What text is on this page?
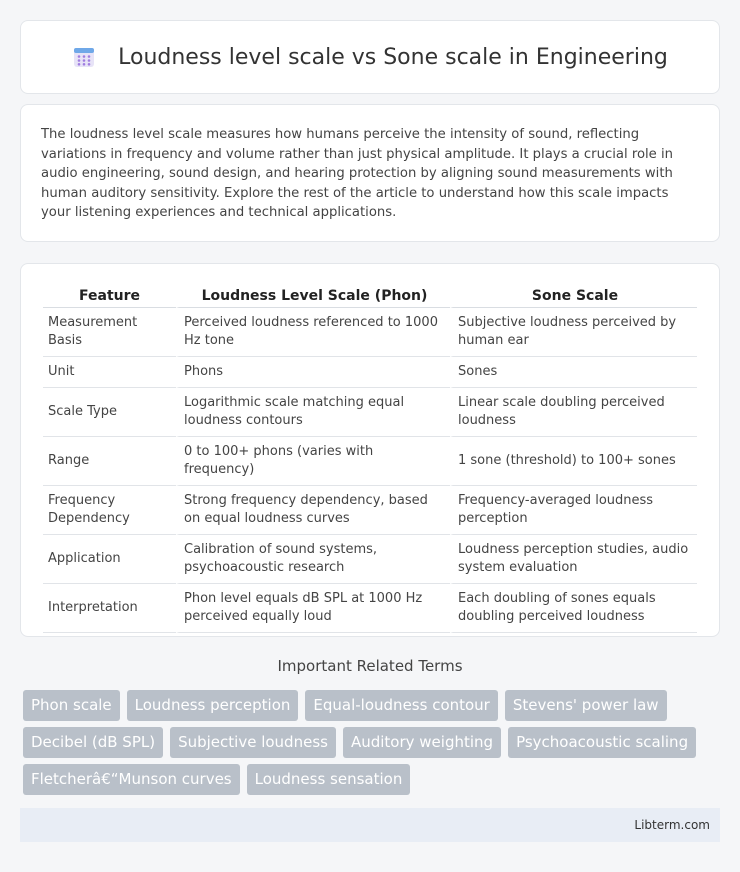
Loudness level scale vs Sone scale in Engineering

The loudness level scale measures how humans perceive the intensity of sound, reflecting variations in frequency and volume rather than just physical amplitude. It plays a crucial role in audio engineering, sound design, and hearing protection by aligning sound measurements with human auditory sensitivity. Explore the rest of the article to understand how this scale impacts your listening experiences and technical applications.

Feature	Loudness Level Scale (Phon)	Sone Scale
Measurement Basis	Perceived loudness referenced to 1000 Hz tone	Subjective loudness perceived by human ear
Unit	Phons	Sones
Scale Type	Logarithmic scale matching equal loudness contours	Linear scale doubling perceived loudness
Range	0 to 100+ phons (varies with frequency)	1 sone (threshold) to 100+ sones
Frequency Dependency	Strong frequency dependency, based on equal loudness curves	Frequency-averaged loudness perception
Application	Calibration of sound systems, psychoacoustic research	Loudness perception studies, audio system evaluation
Interpretation	Phon level equals dB SPL at 1000 Hz perceived equally loud	Each doubling of sones equals doubling perceived loudness
Important Related Terms
Phon scale	Loudness perception	Equal-loudness contour	Stevens' power law
Decibel (dB SPL)	Subjective loudness	Auditory weighting	Psychoacoustic scaling
Fletcherâ€“Munson curves	Loudness sensation
Libterm.com
